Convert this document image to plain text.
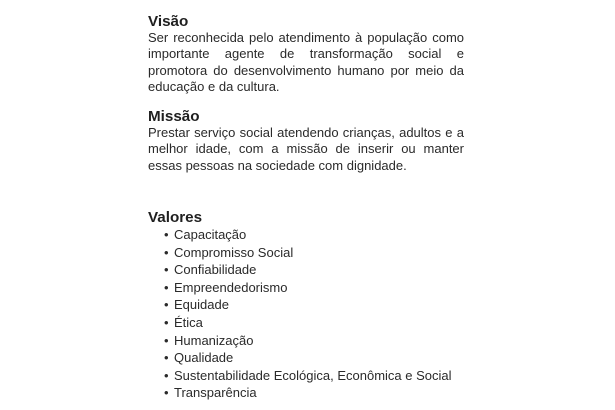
Visão

Ser reconhecida pelo atendimento à população como importante agente de transformação social e promotora do desenvolvimento humano por meio da educação e da cultura.

Missão

Prestar serviço social atendendo crianças, adultos e a melhor idade, com a missão de inserir ou manter essas pessoas na sociedade com dignidade.

Valores
• Capacitação
• Compromisso Social
• Confiabilidade
• Empreendedorismo
• Equidade
• Ética
• Humanização
• Qualidade
• Sustentabilidade Ecológica, Econômica e Social
• Transparência
